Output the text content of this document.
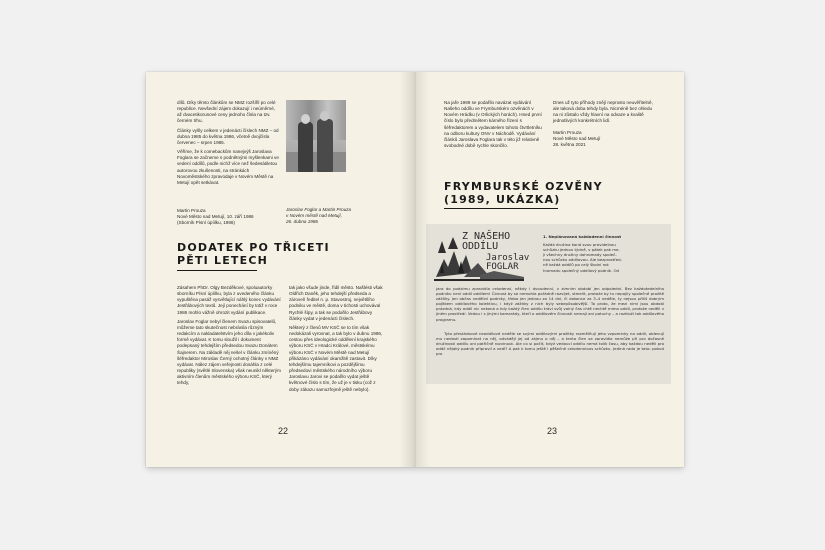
dílů. Díky těmto článkům se NMZ rozšířil po celé republice. Nevšední zájem dokazují i neúměrné, až dvacetikorunové ceny jednoho čísla na tzv. černém trhu.

Články vyšly celkem v jedenácti číslech NMZ – od dubna 1985 do května 1986, včetně dvojčísla červenec – srpen 1985.

Věříme, že k comebackům nanejvýš Jaroslava Foglara se začneme s podnětnými myšlenkami ve vedení oddílů, podle nichž více než šedesátiletou autorovou zkušenosti, na stránkách Novoměstského zpravodaje v Novém Městě na Metují opět setkávat.

Martin Prouza
Nové Město nad Metují, 10. září 1986
(Sborník Písní úpíilku, 1986)
Jaroslav Foglar a Martin Prouza
v Novém městě nad Metují,
26. dubna 1986
DODATEK PO TŘICETI
PĚTI LETECH

Zásahem PhDr. Olgy Bezděkové, spoluautorky sborníku Písní úpíilku, byla z uvedeného článku vypuštěna pasáž vysvětlující náhlý konec vydávání Jestřábových textů. Její ponechání by totiž v roce 1986 mohlo vážně ohrozit vydání publikace.

Jaroslav Foglar nebyl členem Svazu spisovatelů, můžeme tato skutečnost nebránila různým redakcím a nakladatelstvím jeho díla v jakékoliv formě vydávat. K tomu sloužil i dokument podepsaný tehdejším předsedou Svazu Donátem Šajnerem. Na základě něj nešel v článku zmíněný šéfredaktor Miroslav Černý ochotný články v NMZ vydávat. Nález zájem veřejnosti dosáhla z celé republiky (světlé Slovenska) však neunikl některým aktivním členům městského výboru KSČ, který tehdy,

tak jako všude jinde, řídil město. Našlésti však Oldřich Daněk, jeho tehdejší předseda a zároveň ředitel n. p. Stavostroj, největšího podniku ve městě, doma v tichosti uchovával Rychlé šípy, a tak se podařilo Jestřábovy články vydat v jedenácti číslech.

Některý z členů MV KSČ se to tím však nedokázali vyrovnat, a tak bylo v dubnu 1986, cestou přes ideologické oddělení krajského výboru KSČ v Hradci Králové, městskému výboru KSČ v Novém Městě nad Metují přikázáno vydávání okamžitě zastavit. Díky tehdejšímu tajemníkovi a pozdějšímu předsedovi městského národního výboru Jaroslavu Jarovi se podařilo vydat ještě květnové číslo s tím, že už je v tisku (což z doby zákazu samozřejmě ještě nebylo).

22

Na jaře 1989 se podařilo navázat vydávání Našeho oddílu ve Frymburském ozvěnách v Novém Hrádku (v Orlických horách). Hned první číslo bylo předmětem kárného řízení s šéfredaktorem a vydavatelem tohoto čtvrtletníku na odboru kultury ONV v Náchodě. Vydávání článků Jaroslava Foglara tak v této již relativně svobodné době rychle skončilo.

Dnes už tyto příhody znějí neprosto neuvěřitelně, ale taková doba tehdy byla. Nicméně bez ohledu na ni zůstalo vždy hlavní na odvaze a kvalitě jednotlivých konkrétních lidí.

Martin Prouza
Nové Město nad Metují
28. května 2021
FRYMBURSKÉ OZVĚNY
(1989, UKÁZKA)
Z NAŠEHO
ODDÍLU
Jaroslav
FOGLAR
1. Neplánovaná každodenní činnost
Každá družina koná svou pravidelnou
schůzku jednou týdně, v pátek pak me-
ji všechny družiny dohromady společ-
nou schůzku oddílovou. Ale bezprostřed-
ně každá oddílů po celý školní rok
hromadu společný oddílový podnik. Od
jara do podzimu zpravidla celodenní, někdy i dvoudenní, v zimním období jen odpolední. Bez každotedelního podniku není oddíl oddílem! Činnost by se nemohla pořádně rozvíjet, stmelit, protože by tu nepojily společné prožité zážitky. Jen občas neděliní podniky, třeba jen jednou za 14 dní, či dokonce za 3–4 neděle, ty nejsou příliš dobrým pojítkem oddílového kolektivu, i když zážitky z nich byly sebepůsobivější. To proto, že mezi nimi jsou období prázdná, kdy oddíl nic nekoná a kdy každý člen oddílu tráví svůj volný čas chtě nechtě mimo oddíl, protože neděli v jiném prostředí. Vedou i s jinými kamarády, kteří o oddílovém činnosti nemají ani potuchy – a rozkloží tak oddílového programu.
Tyto přestávkové neoddílové neděle se svými oddílovými prožitky rozmělňují jeho vzpomínky na oddíl, oblevují mu nedostí zapomínat na něj, odvádějí jej od zájmu o něj – a tento člen se zpravidla nemůže při pro dočasné družinosti oddílu oni patřičně rozvinout. Ale co si počít, když vedoucí oddílu nemá tolik času, aby každou neděli pro oddíl nějaký podnik připravil a vedl? A pak k tomu ještě i pěšečné celodenníous schůzku. Jediná rada je tato: pokud pro
23
